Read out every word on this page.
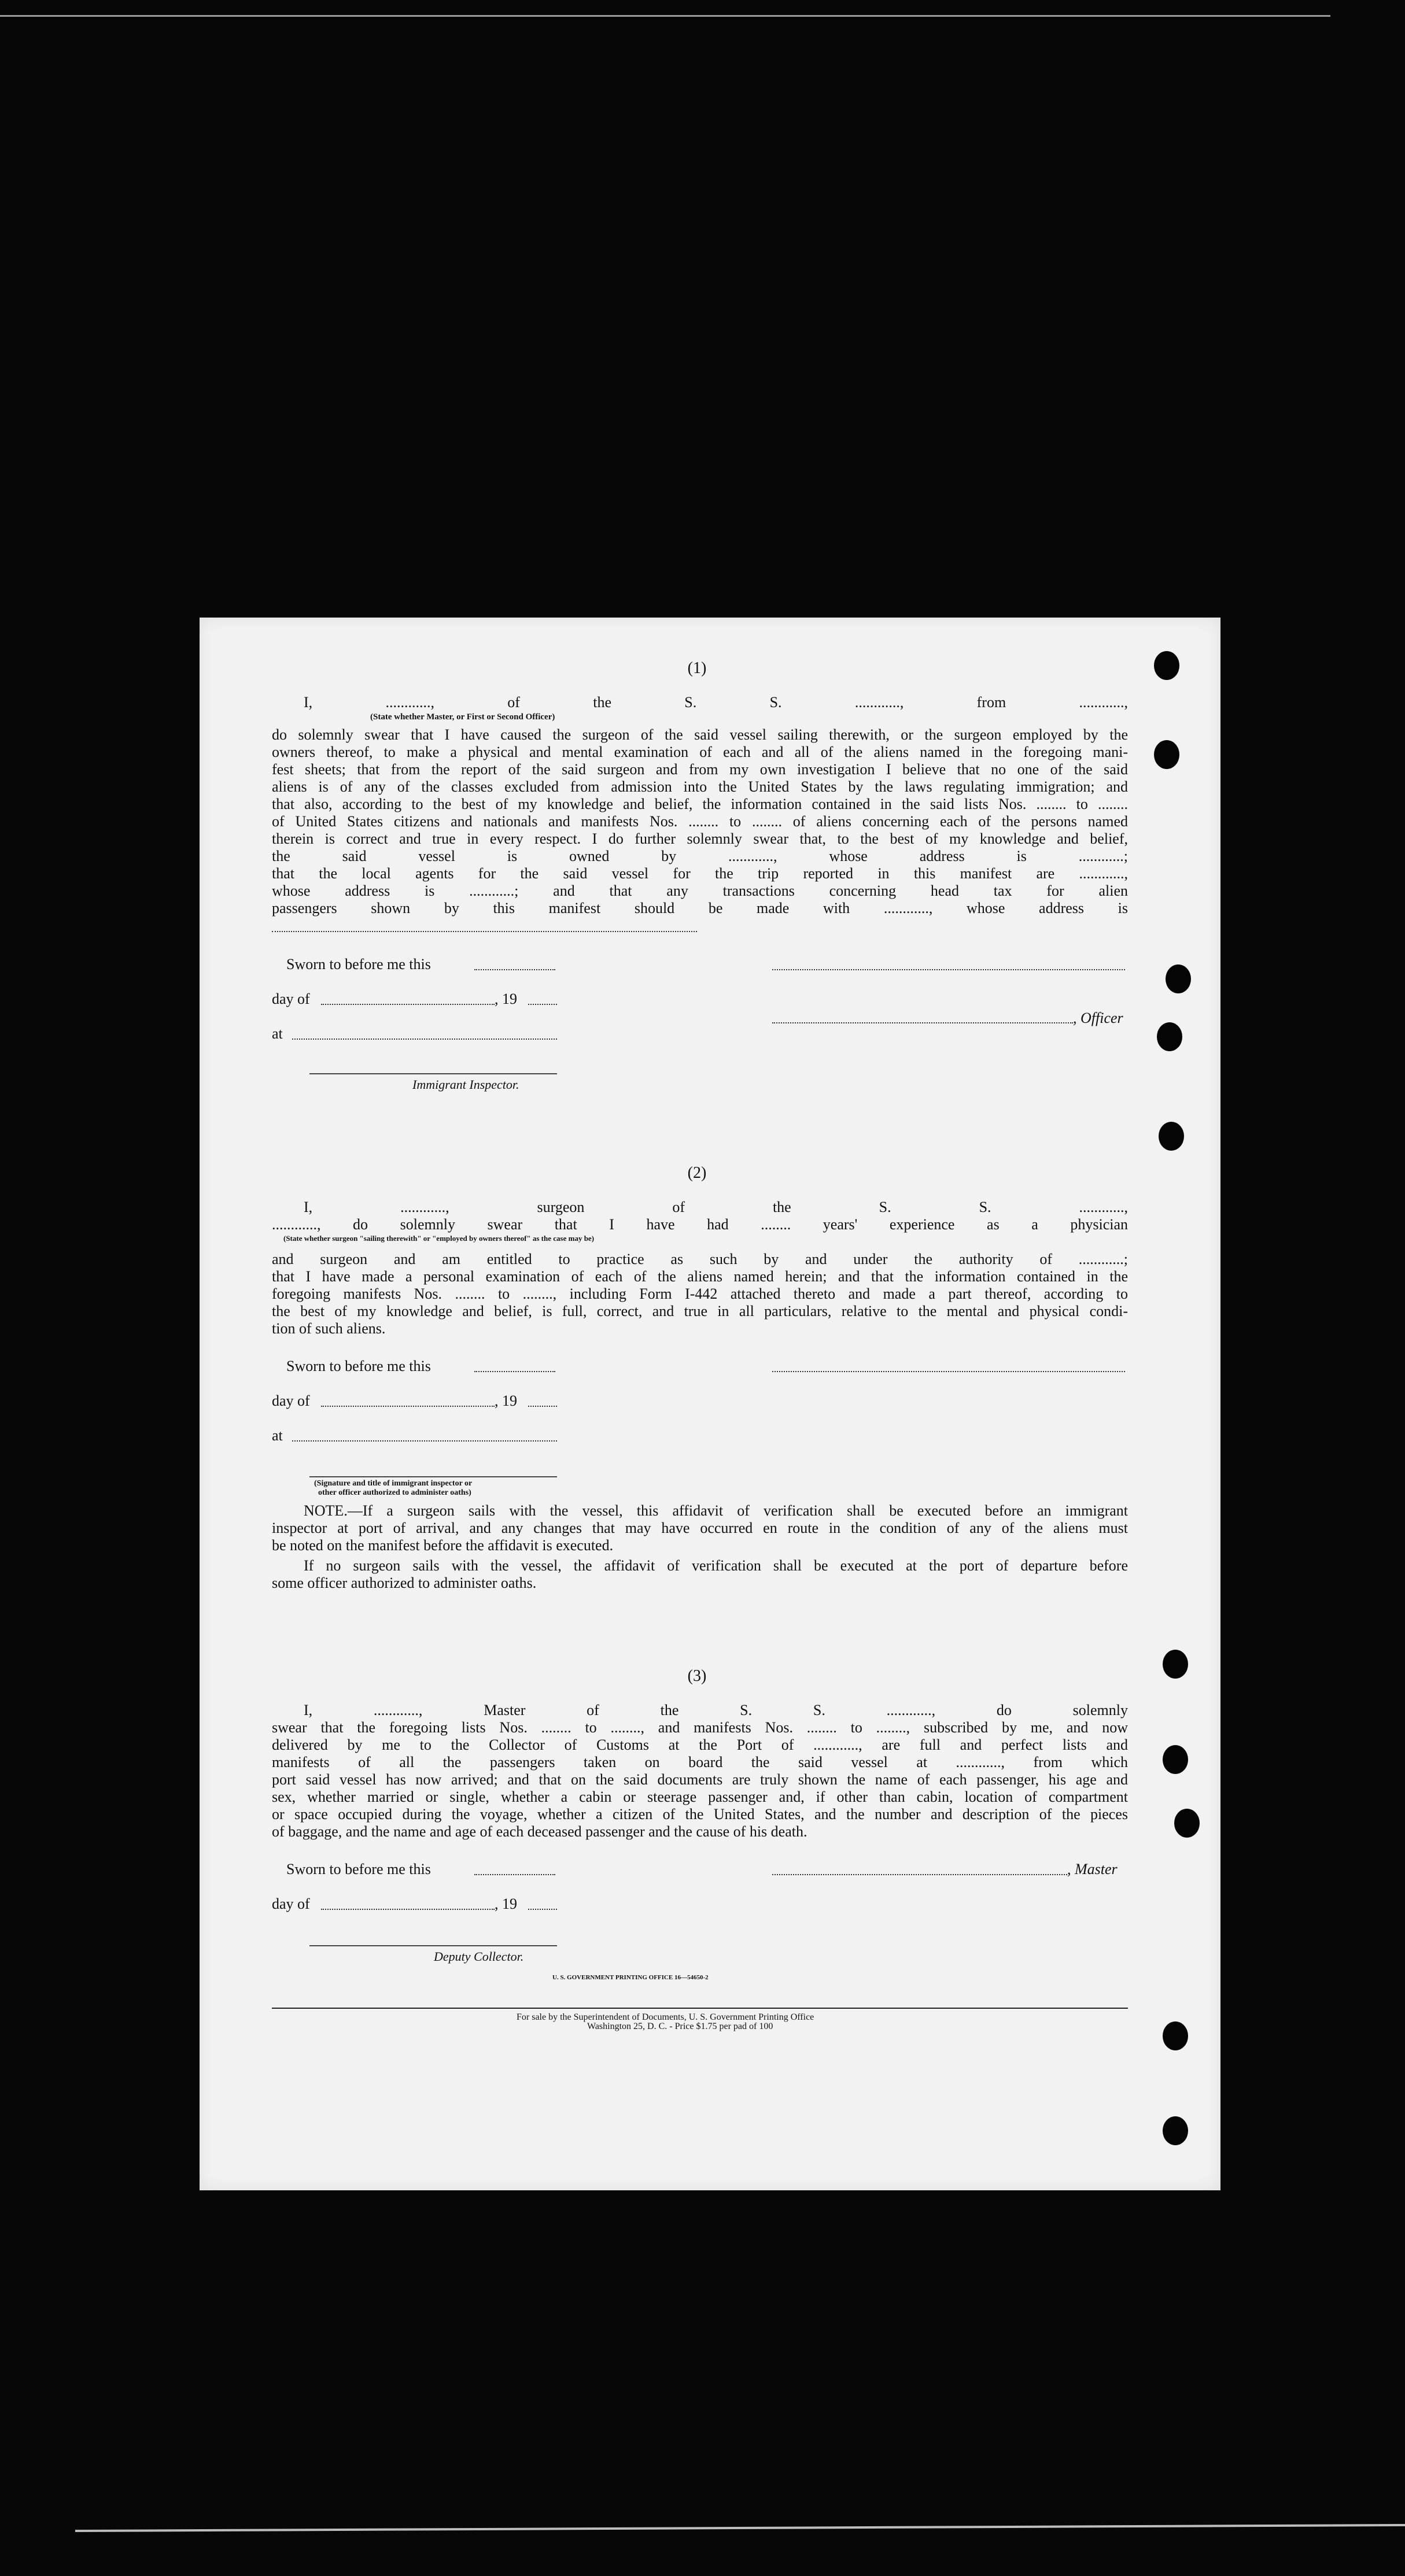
(1)
I, ............, of the S. S. ............, from ............,
(State whether Master, or First or Second Officer)
do solemnly swear that I have caused the surgeon of the said vessel sailing therewith, or the surgeon employed by the
owners thereof, to make a physical and mental examination of each and all of the aliens named in the foregoing mani-
fest sheets; that from the report of the said surgeon and from my own investigation I believe that no one of the said
aliens is of any of the classes excluded from admission into the United States by the laws regulating immigration; and
that also, according to the best of my knowledge and belief, the information contained in the said lists Nos. ........ to ........
of United States citizens and nationals and manifests Nos. ........ to ........ of aliens concerning each of the persons named
therein is correct and true in every respect. I do further solemnly swear that, to the best of my knowledge and belief,
the said vessel is owned by ............, whose address is ............;
that the local agents for the said vessel for the trip reported in this manifest are ............,
whose address is ............; and that any transactions concerning head tax for alien
passengers shown by this manifest should be made with ............, whose address is
Sworn to before me this
day of	, 19
, Officer
at
Immigrant Inspector.
(2)
I, ............, surgeon of the S. S. ............,
............, do solemnly swear that I have had ........ years' experience as a physician
(State whether surgeon "sailing therewith" or "employed by owners thereof" as the case may be)
and surgeon and am entitled to practice as such by and under the authority of ............;
that I have made a personal examination of each of the aliens named herein; and that the information contained in the
foregoing manifests Nos. ........ to ........, including Form I-442 attached thereto and made a part thereof, according to
the best of my knowledge and belief, is full, correct, and true in all particulars, relative to the mental and physical condi-
tion of such aliens.
Sworn to before me this
day of	, 19
at
(Signature and title of immigrant inspector or
other officer authorized to administer oaths)
NOTE.—If a surgeon sails with the vessel, this affidavit of verification shall be executed before an immigrant
inspector at port of arrival, and any changes that may have occurred en route in the condition of any of the aliens must
be noted on the manifest before the affidavit is executed.
If no surgeon sails with the vessel, the affidavit of verification shall be executed at the port of departure before
some officer authorized to administer oaths.
(3)
I, ............, Master of the S. S. ............, do solemnly
swear that the foregoing lists Nos. ........ to ........, and manifests Nos. ........ to ........, subscribed by me, and now
delivered by me to the Collector of Customs at the Port of ............, are full and perfect lists and
manifests of all the passengers taken on board the said vessel at ............, from which
port said vessel has now arrived; and that on the said documents are truly shown the name of each passenger, his age and
sex, whether married or single, whether a cabin or steerage passenger and, if other than cabin, location of compartment
or space occupied during the voyage, whether a citizen of the United States, and the number and description of the pieces
of baggage, and the name and age of each deceased passenger and the cause of his death.
Sworn to before me this	, Master
day of	, 19
Deputy Collector.
U. S. GOVERNMENT PRINTING OFFICE 16—54650-2
For sale by the Superintendent of Documents, U. S. Government Printing Office
Washington 25, D. C. - Price $1.75 per pad of 100
